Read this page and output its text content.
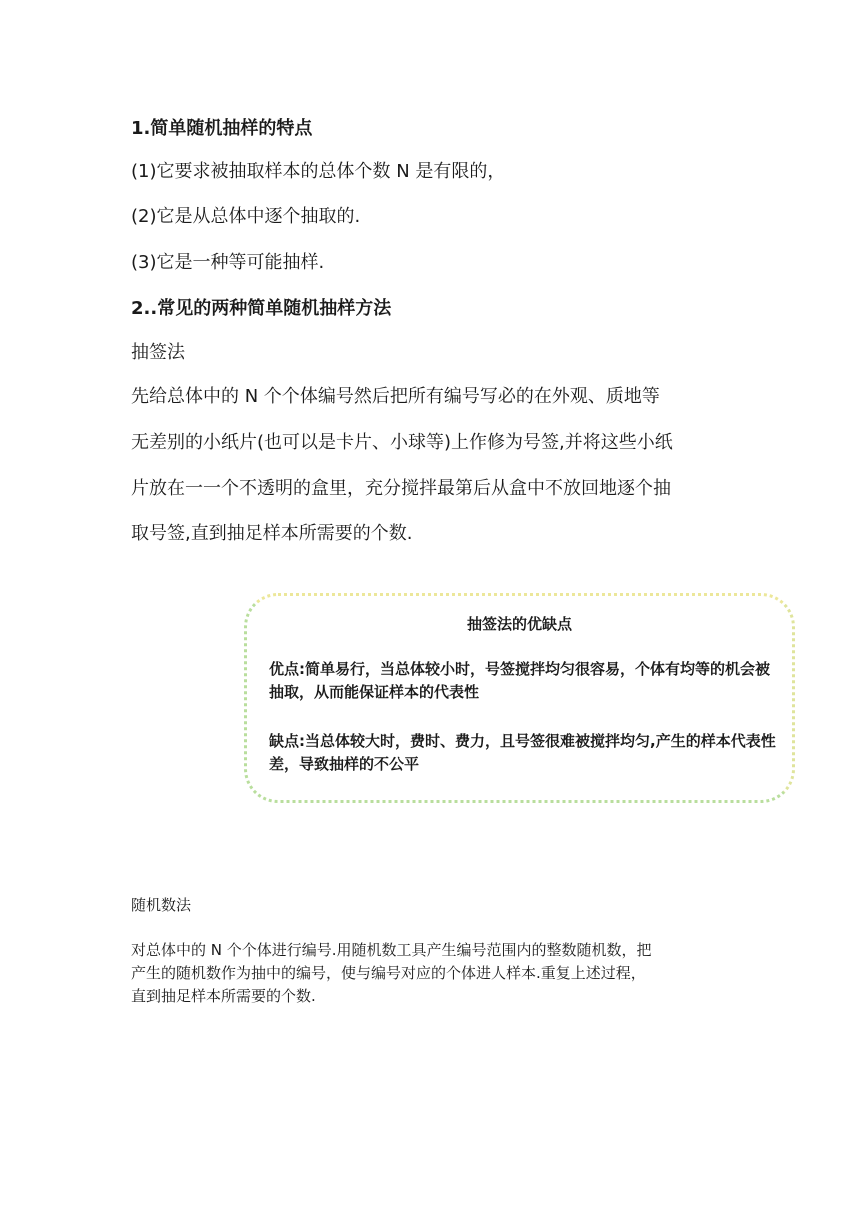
1.简单随机抽样的特点
(1)它要求被抽取样本的总体个数 N 是有限的，
(2)它是从总体中逐个抽取的.
(3)它是一种等可能抽样.
2..常见的两种简单随机抽样方法
抽签法
先给总体中的 N 个个体编号然后把所有编号写必的在外观、质地等
无差别的小纸片(也可以是卡片、小球等)上作修为号签,并将这些小纸
片放在一一个不透明的盒里，充分搅拌最第后从盒中不放回地逐个抽
取号签,直到抽足样本所需要的个数.
抽签法的优缺点
优点:简单易行，当总体较小时，号签搅拌均匀很容易，个体有均等的机会被抽取，从而能保证样本的代表性
缺点:当总体较大时，费时、费力，且号签很难被搅拌均匀,产生的样本代表性差，导致抽样的不公平
随机数法
对总体中的 N 个个体进行编号.用随机数工具产生编号范围内的整数随机数，把
产生的随机数作为抽中的编号，使与编号对应的个体进人样本.重复上述过程，
直到抽足样本所需要的个数.
